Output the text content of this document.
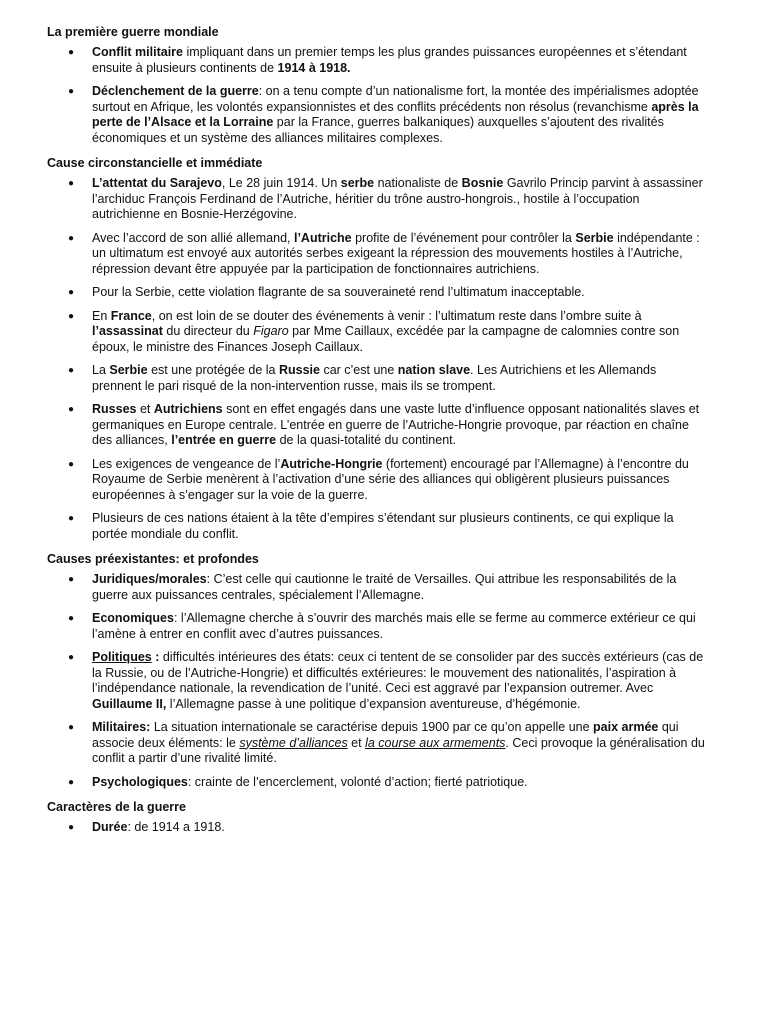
La première guerre mondiale
● Conflit militaire impliquant dans un premier temps les plus grandes puissances européennes et s’étendant ensuite à plusieurs continents de 1914 à 1918.
● Déclenchement de la guerre: on a tenu compte d’un nationalisme fort, la montée des impérialismes adoptée surtout en Afrique, les volontés expansionnistes et des conflits précédents non résolus (revanchisme après la perte de l’Alsace et la Lorraine par la France, guerres balkaniques) auxquelles s’ajoutent des rivalités économiques et un système des alliances militaires complexes.
Cause circonstancielle et immédiate
● L’attentat du Sarajevo, Le 28 juin 1914. Un serbe nationaliste de Bosnie Gavrilo Princip parvint à assassiner l’archiduc François Ferdinand de l’Autriche, héritier du trône austro-hongrois., hostile à l’occupation autrichienne en Bosnie-Herzégovine.
● Avec l’accord de son allié allemand, l’Autriche profite de l’événement pour contrôler la Serbie indépendante : un ultimatum est envoyé aux autorités serbes exigeant la répression des mouvements hostiles à l’Autriche, répression devant être appuyée par la participation de fonctionnaires autrichiens.
● Pour la Serbie, cette violation flagrante de sa souveraineté rend l’ultimatum inacceptable.
● En France, on est loin de se douter des événements à venir : l’ultimatum reste dans l’ombre suite à l’assassinat du directeur du Figaro par Mme Caillaux, excédée par la campagne de calomnies contre son époux, le ministre des Finances Joseph Caillaux.
● La Serbie est une protégée de la Russie car c’est une nation slave. Les Autrichiens et les Allemands prennent le pari risqué de la non-intervention russe, mais ils se trompent.
● Russes et Autrichiens sont en effet engagés dans une vaste lutte d’influence opposant nationalités slaves et germaniques en Europe centrale. L’entrée en guerre de l’Autriche-Hongrie provoque, par réaction en chaîne des alliances, l’entrée en guerre de la quasi-totalité du continent.
● Les exigences de vengeance de l’Autriche-Hongrie (fortement) encouragé par l’Allemagne) à l’encontre du Royaume de Serbie menèrent à l’activation d’une série des alliances qui obligèrent plusieurs puissances européennes à s’engager sur la voie de la guerre.
● Plusieurs de ces nations étaient à la tête d’empires s’étendant sur plusieurs continents, ce qui explique la portée mondiale du conflit.
Causes préexistantes: et profondes
● Juridiques/morales: C’est celle qui cautionne le traité de Versailles. Qui attribue les responsabilités de la guerre aux puissances centrales, spécialement l’Allemagne.
● Economiques: l’Allemagne cherche à s’ouvrir des marchés mais elle se ferme au commerce extérieur ce qui l’amène à entrer en conflit avec d’autres puissances.
● Politiques : difficultés intérieures des états: ceux ci tentent de se consolider par des succès extérieurs (cas de la Russie, ou de l’Autriche-Hongrie) et difficultés extérieures: le mouvement des nationalités, l’aspiration à l’indépendance nationale, la revendication de l’unité. Ceci est aggravé par l’expansion outremer. Avec Guillaume II, l’Allemagne passe à une politique d’expansion aventureuse, d’hégémonie.
● Militaires: La situation internationale se caractérise depuis 1900 par ce qu’on appelle une paix armée qui associe deux éléments: le système d’alliances et la course aux armements. Ceci provoque la généralisation du conflit a partir d’une rivalité limité.
● Psychologiques: crainte de l’encerclement, volonté d’action; fierté patriotique.
Caractères de la guerre
● Durée: de 1914 a 1918.
